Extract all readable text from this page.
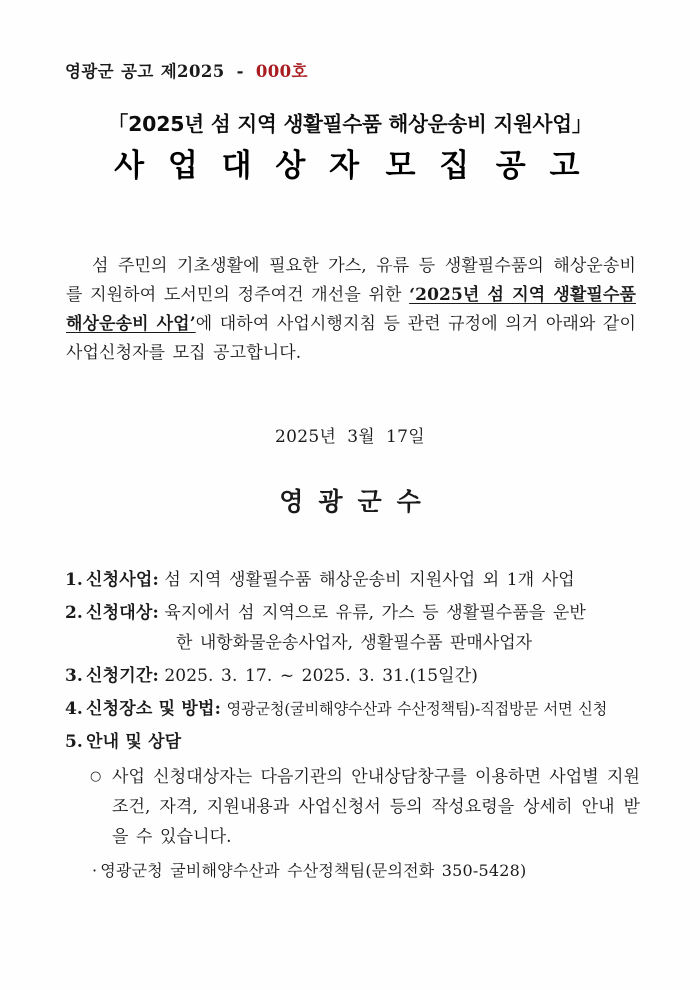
영광군 공고 제2025 - 000호
「2025년 섬 지역 생활필수품 해상운송비 지원사업」
사 업 대 상 자 모 집 공 고
섬 주민의 기초생활에 필요한 가스, 유류 등 생활필수품의 해상운송비를 지원하여 도서민의 정주여건 개선을 위한 ‘2025년 섬 지역 생활필수품 해상운송비 사업’에 대하여 사업시행지침 등 관련 규정에 의거 아래와 같이 사업신청자를 모집 공고합니다.
2025년 3월 17일
영광군수
1. 신청사업: 섬 지역 생활필수품 해상운송비 지원사업 외 1개 사업
2. 신청대상: 육지에서 섬 지역으로 유류, 가스 등 생활필수품을 운반
한 내항화물운송사업자, 생활필수품 판매사업자
3. 신청기간: 2025. 3. 17. ~ 2025. 3. 31.(15일간)
4. 신청장소 및 방법: 영광군청(굴비해양수산과 수산정책팀)-직접방문 서면 신청
5. 안내 및 상담
○ 사업 신청대상자는 다음기관의 안내상담창구를 이용하면 사업별 지원 조건, 자격, 지원내용과 사업신청서 등의 작성요령을 상세히 안내 받을 수 있습니다.
· 영광군청 굴비해양수산과 수산정책팀(문의전화 350-5428)
